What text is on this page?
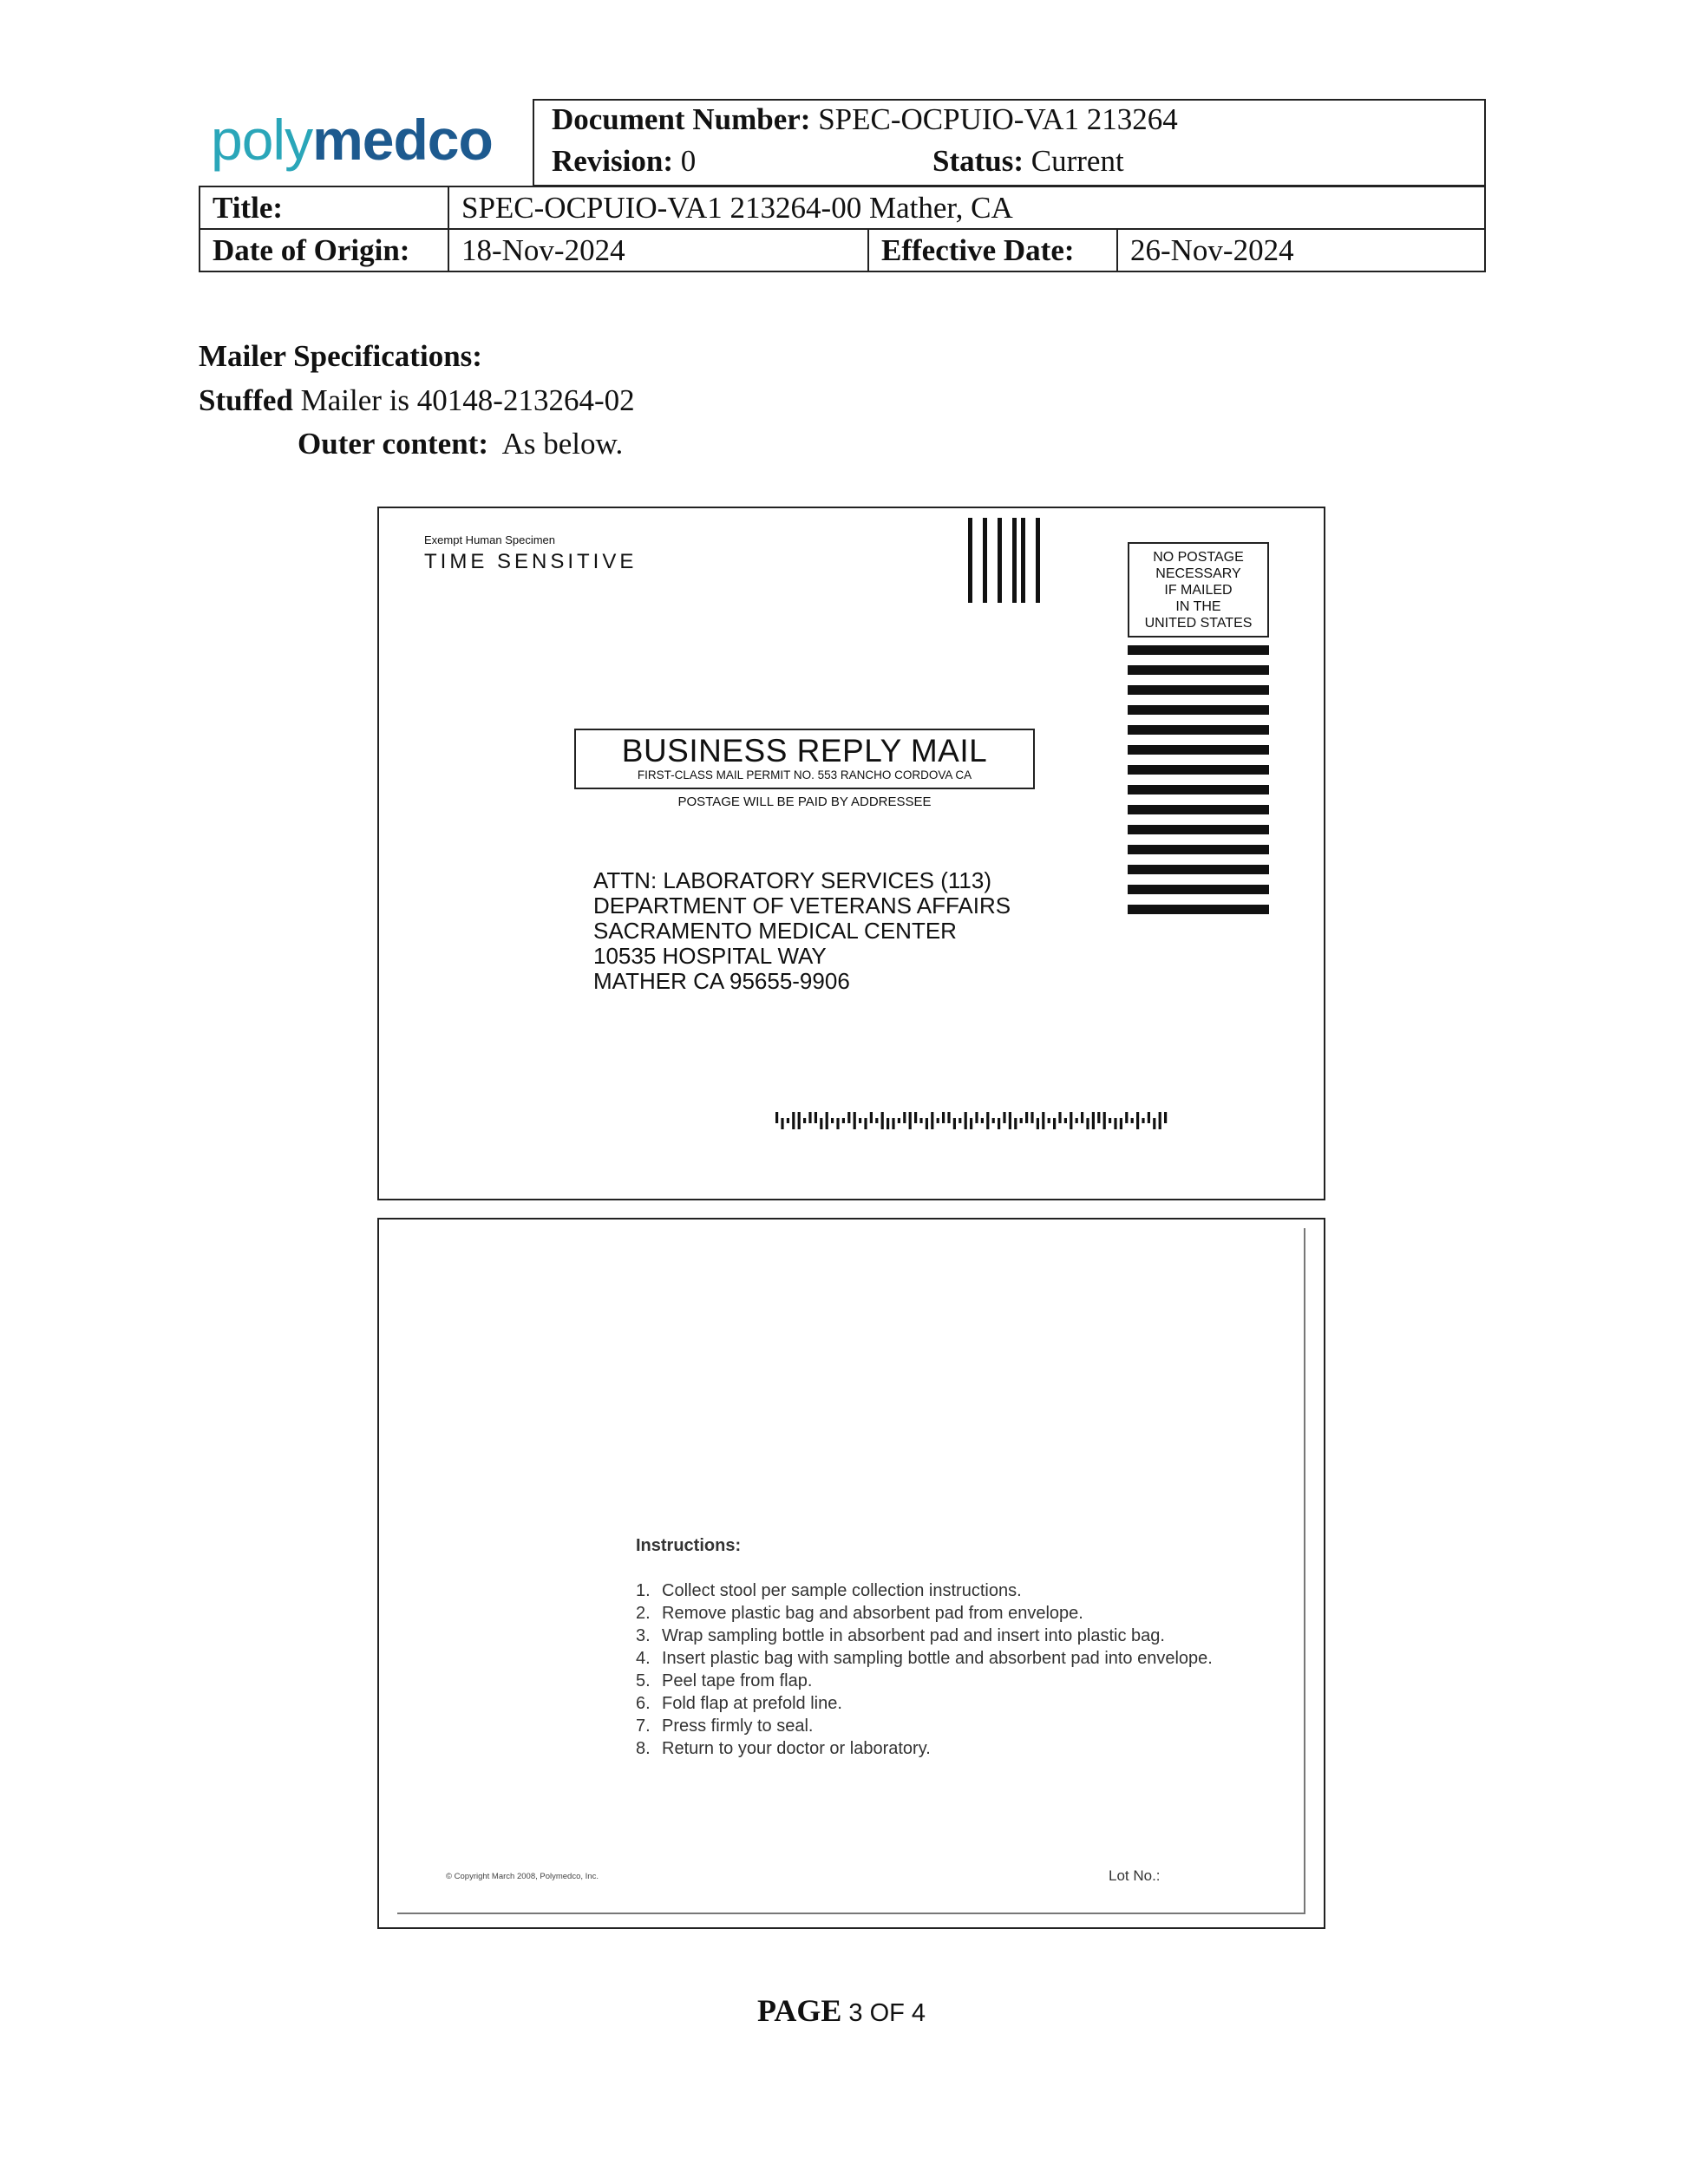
polymedco Document Number: SPEC-OCPUIO-VA1 213264
Revision: 0	Status: Current
Title:	SPEC-OCPUIO-VA1 213264-00 Mather, CA		
Date of Origin:	18-Nov-2024	Effective Date:	26-Nov-2024
Mailer Specifications:
Stuffed Mailer is 40148-213264-02
Outer content: As below.
Exempt Human Specimen
TIME SENSITIVE	NO POSTAGE
NECESSARY
IF MAILED
IN THE
UNITED STATES
BUSINESS REPLY MAIL
FIRST-CLASS MAIL PERMIT NO. 553 RANCHO CORDOVA CA
POSTAGE WILL BE PAID BY ADDRESSEE
ATTN: LABORATORY SERVICES (113)
DEPARTMENT OF VETERANS AFFAIRS
SACRAMENTO MEDICAL CENTER
10535 HOSPITAL WAY
MATHER CA 95655-9906
Instructions:
1. Collect stool per sample collection instructions.
2. Remove plastic bag and absorbent pad from envelope.
3. Wrap sampling bottle in absorbent pad and insert into plastic bag.
4. Insert plastic bag with sampling bottle and absorbent pad into envelope.
5. Peel tape from flap.
6. Fold flap at prefold line.
7. Press firmly to seal.
8. Return to your doctor or laboratory.
© Copyright March 2008, Polymedco, Inc.	Lot No.:
PAGE 3 OF 4
